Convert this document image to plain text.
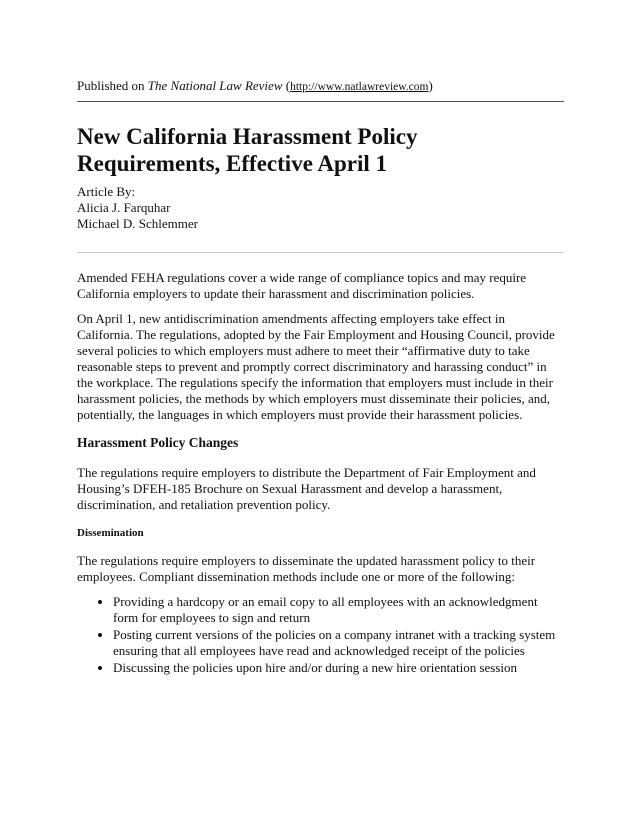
Published on The National Law Review (http://www.natlawreview.com)
New California Harassment Policy
Requirements, Effective April 1
Article By:
Alicia J. Farquhar
Michael D. Schlemmer

Amended FEHA regulations cover a wide range of compliance topics and may require California employers to update their harassment and discrimination policies.

On April 1, new antidiscrimination amendments affecting employers take effect in California. The regulations, adopted by the Fair Employment and Housing Council, provide several policies to which employers must adhere to meet their “affirmative duty to take reasonable steps to prevent and promptly correct discriminatory and harassing conduct” in the workplace. The regulations specify the information that employers must include in their harassment policies, the methods by which employers must disseminate their policies, and, potentially, the languages in which employers must provide their harassment policies.

Harassment Policy Changes

The regulations require employers to distribute the Department of Fair Employment and Housing’s DFEH-185 Brochure on Sexual Harassment and develop a harassment, discrimination, and retaliation prevention policy.

Dissemination

The regulations require employers to disseminate the updated harassment policy to their employees. Compliant dissemination methods include one or more of the following:

• Providing a hardcopy or an email copy to all employees with an acknowledgment form for employees to sign and return
• Posting current versions of the policies on a company intranet with a tracking system ensuring that all employees have read and acknowledged receipt of the policies
• Discussing the policies upon hire and/or during a new hire orientation session
